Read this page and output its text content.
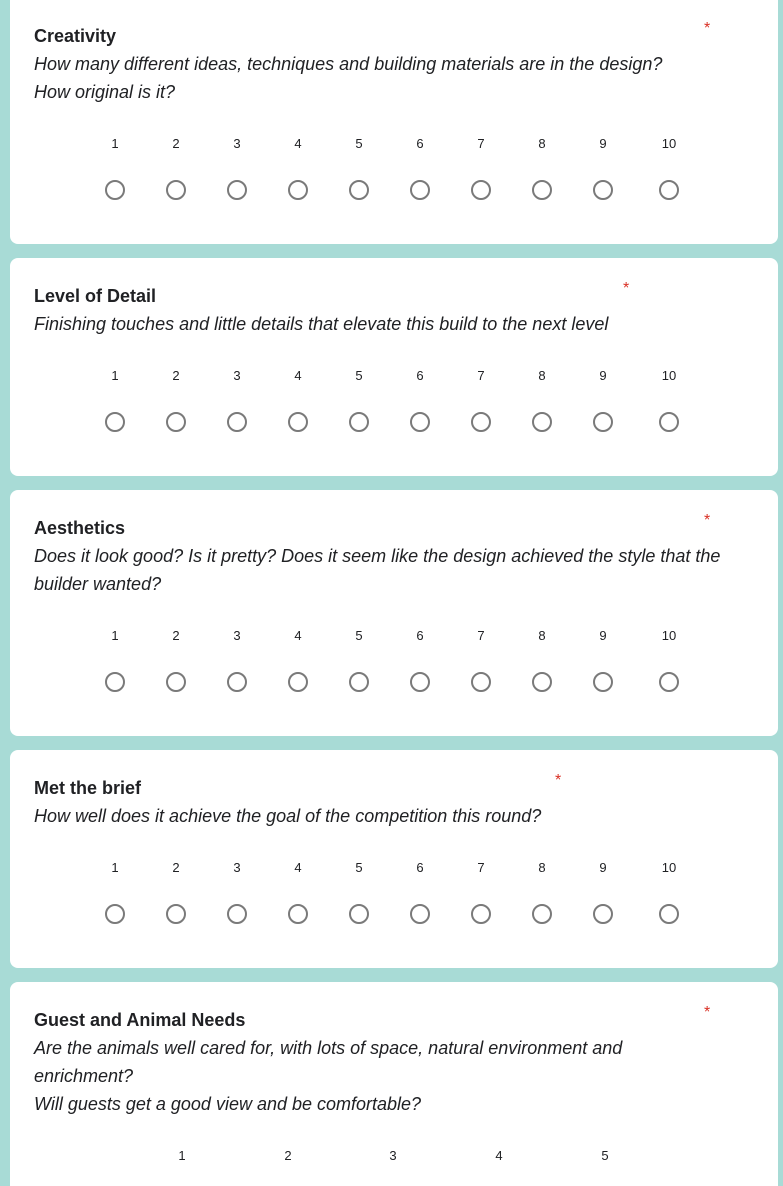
Creativity	*

How many different ideas, techniques and building materials are in the design?

How original is it?

1	2	3	4	5	6	7	8	9	10
Level of Detail	*

Finishing touches and little details that elevate this build to the next level

1	2	3	4	5	6	7	8	9	10
Aesthetics	*

Does it look good? Is it pretty? Does it seem like the design achieved the style that the builder wanted?

1	2	3	4	5	6	7	8	9	10
Met the brief	*

How well does it achieve the goal of the competition this round?

1	2	3	4	5	6	7	8	9	10
Guest and Animal Needs	*

Are the animals well cared for, with lots of space, natural environment and enrichment?

Will guests get a good view and be comfortable?

1	2	3	4	5
